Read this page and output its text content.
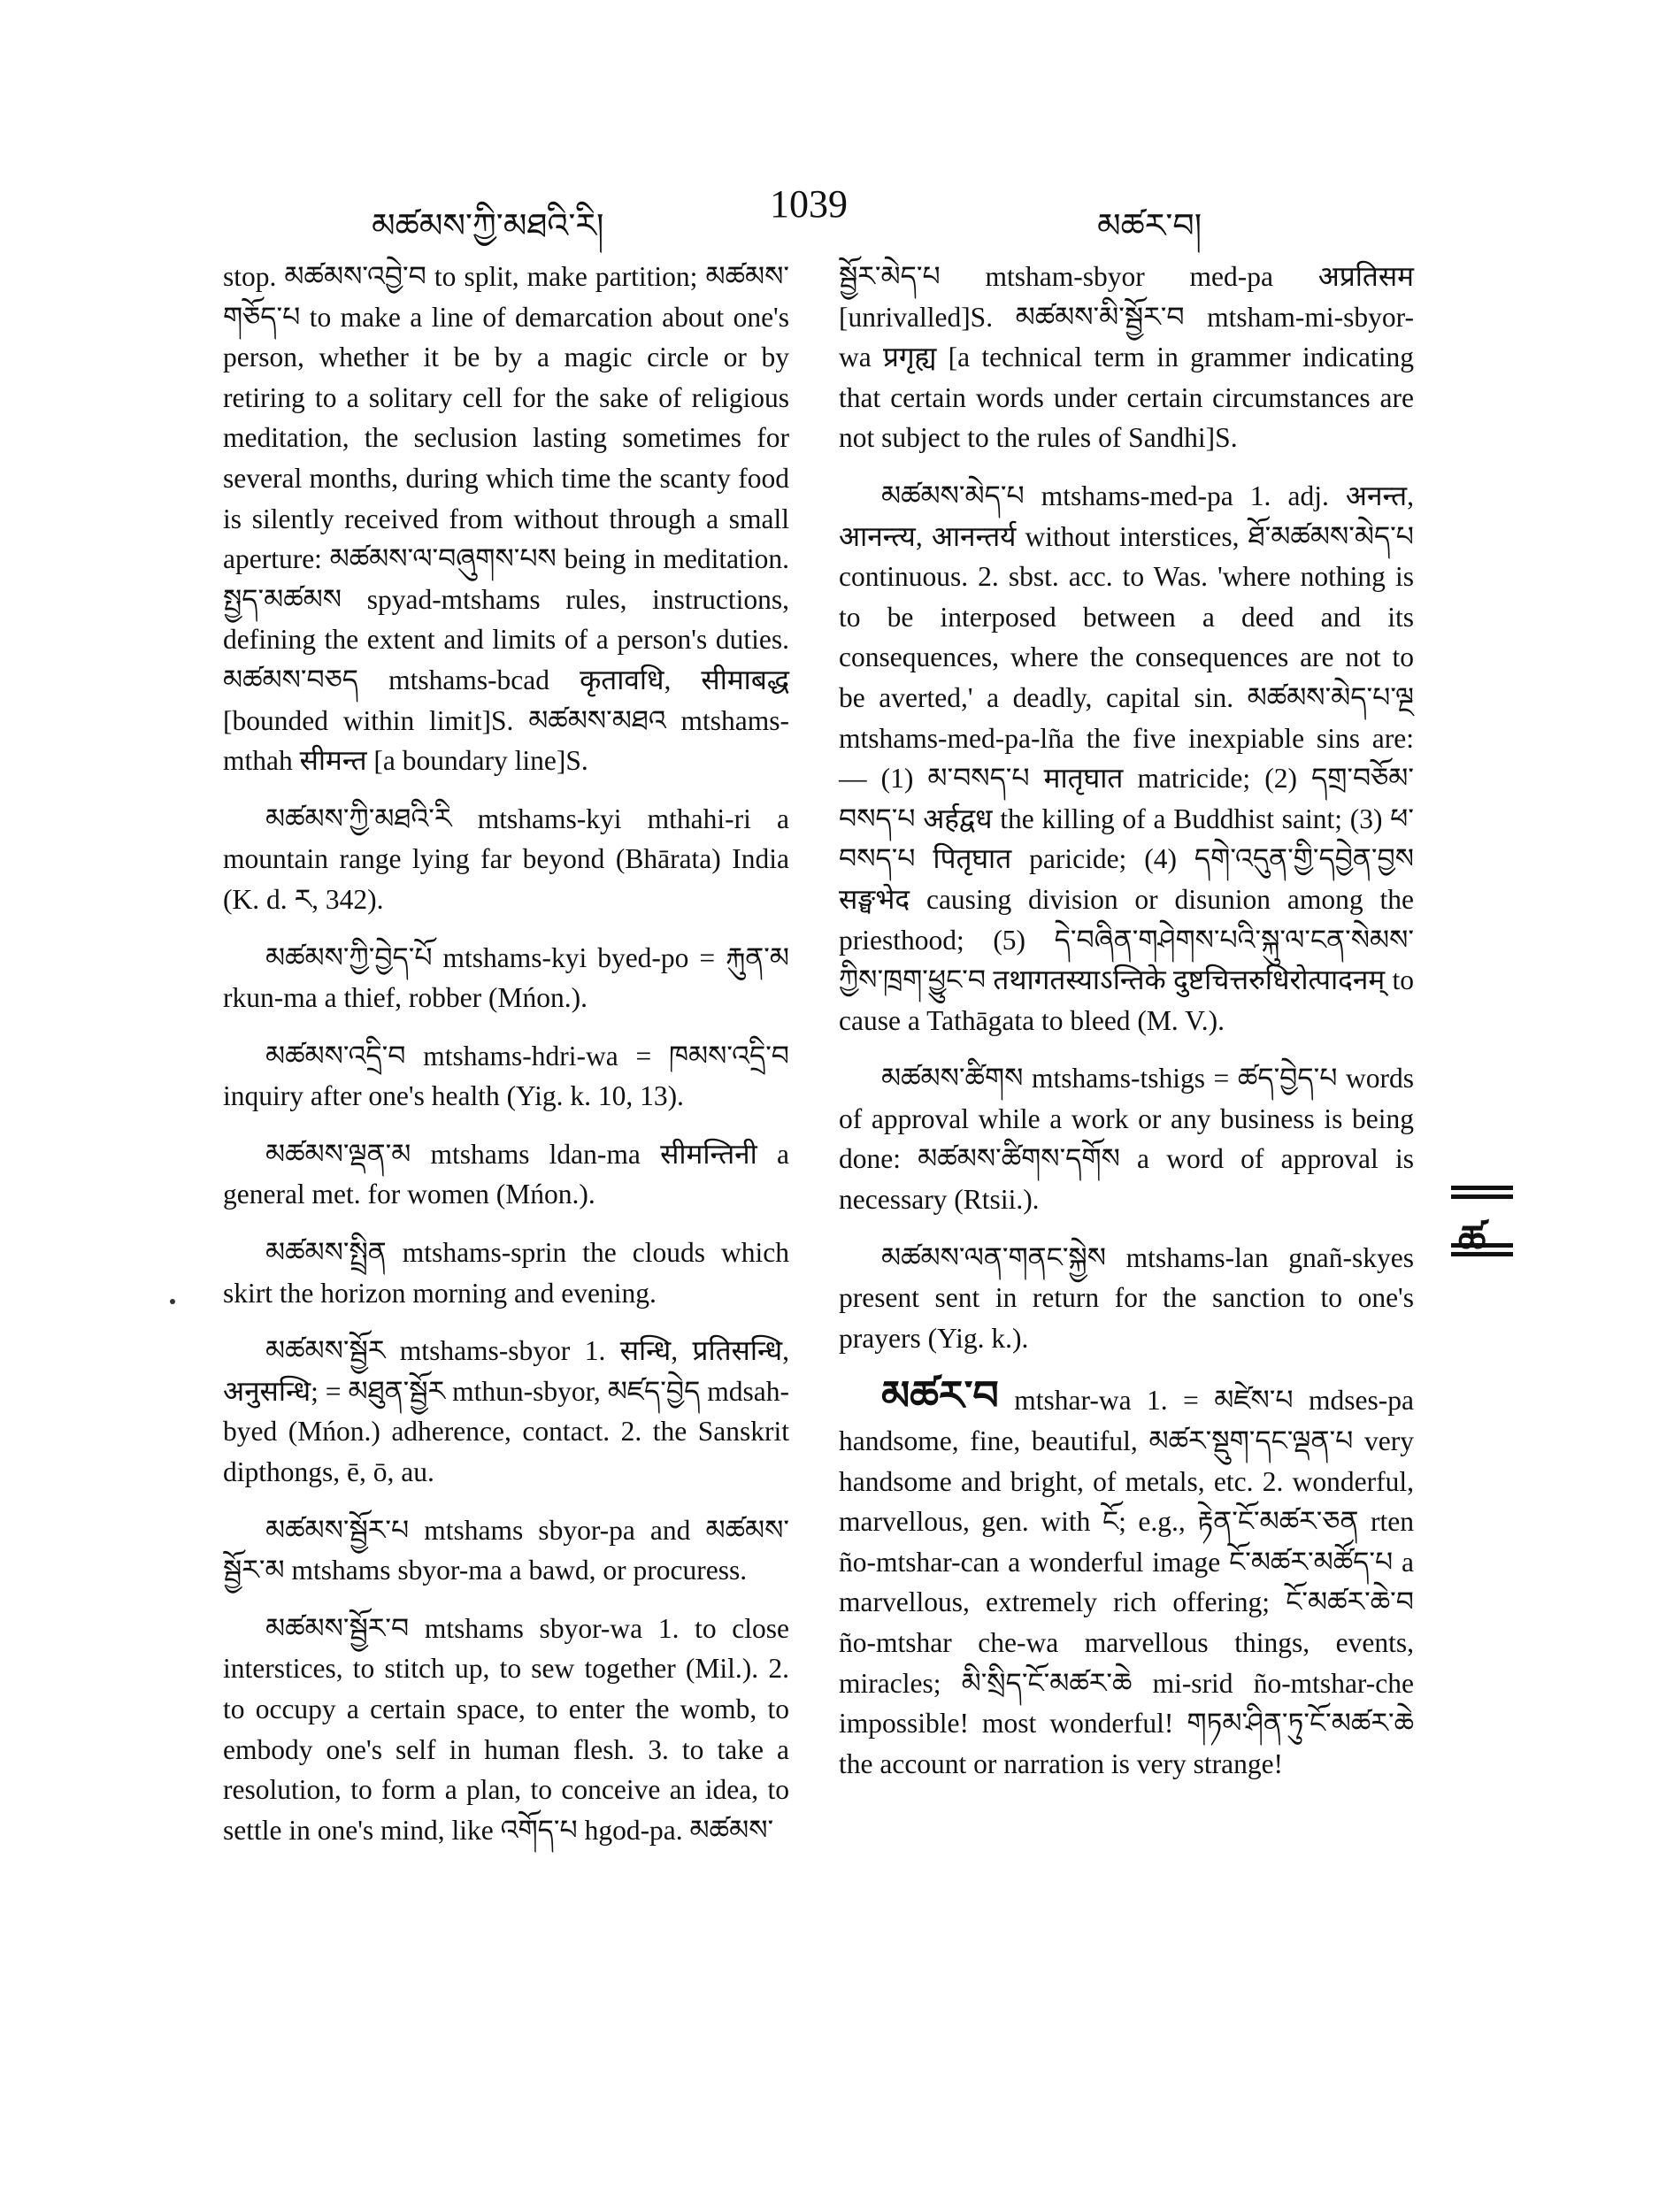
མཚམས་ཀྱི་མཐའི་རི།
1039
མཚར་བ།

stop. མཚམས་འབྱེ་བ to split, make partition; མཚམས་གཅོད་པ to make a line of demarcation about one's person, whether it be by a magic circle or by retiring to a solitary cell for the sake of religious meditation, the seclusion lasting sometimes for several months, during which time the scanty food is silently received from without through a small aperture: མཚམས་ལ་བཞུགས་པས being in meditation. སྤྱད་མཚམས spyad-mtshams rules, instructions, defining the extent and limits of a person's duties. མཚམས་བཅད mtshams-bcad कृतावधि, सीमाबद्ध [bounded within limit]S. མཚམས་མཐའ mtshams-mthah सीमन्त [a boundary line]S.

མཚམས་ཀྱི་མཐའི་རི mtshams-kyi mthahi-ri a mountain range lying far beyond (Bhārata) India (K. d. ར, 342).

མཚམས་ཀྱི་བྱེད་པོ mtshams-kyi byed-po = རྐུན་མ rkun-ma a thief, robber (Mńon.).

མཚམས་འདྲི་བ mtshams-hdri-wa = ཁམས་འདྲི་བ inquiry after one's health (Yig. k. 10, 13).

མཚམས་ལྡན་མ mtshams ldan-ma सीमन्तिनी a general met. for women (Mńon.).

མཚམས་སྤྲིན mtshams-sprin the clouds which skirt the horizon morning and evening.

མཚམས་སྦྱོར mtshams-sbyor 1. सन्धि, प्रतिसन्धि, अनुसन्धि; = མཐུན་སྦྱོར mthun-sbyor, མཛད་བྱེད mdsah-byed (Mńon.) adherence, contact. 2. the Sanskrit dipthongs, ē, ō, au.

མཚམས་སྦྱོར་པ mtshams sbyor-pa and མཚམས་སྦྱོར་མ mtshams sbyor-ma a bawd, or procuress.

མཚམས་སྦྱོར་བ mtshams sbyor-wa 1. to close interstices, to stitch up, to sew together (Mil.). 2. to occupy a certain space, to enter the womb, to embody one's self in human flesh. 3. to take a resolution, to form a plan, to conceive an idea, to settle in one's mind, like འགོད་པ hgod-pa. མཚམས་

སྦྱོར་མེད་པ mtsham-sbyor med-pa अप्रतिसम [unrivalled]S. མཚམས་མི་སྦྱོར་བ mtsham-mi-sbyor-wa प्रगृह्य [a technical term in grammer indicating that certain words under certain circumstances are not subject to the rules of Sandhi]S.

མཚམས་མེད་པ mtshams-med-pa 1. adj. अनन्त, आनन्त्य, आनन्तर्य without interstices, ཐོ་མཚམས་མེད་པ continuous. 2. sbst. acc. to Was. 'where nothing is to be interposed between a deed and its consequences, where the consequences are not to be averted,' a deadly, capital sin. མཚམས་མེད་པ་ལྔ mtshams-med-pa-lña the five inexpiable sins are:— (1) མ་བསད་པ मातृघात matricide; (2) དགྲ་བཅོམ་བསད་པ अर्हद्वध the killing of a Buddhist saint; (3) ཕ་བསད་པ पितृघात paricide; (4) དགེ་འདུན་གྱི་དབྱེན་བྱས सङ्घभेद causing division or disunion among the priesthood; (5) དེ་བཞིན་གཤེགས་པའི་སྐུ་ལ་ངན་སེམས་ཀྱིས་ཁྲག་ཕྱུང་བ तथागतस्याऽन्तिके दुष्टचित्तरुधिरोत्पादनम् to cause a Tathāgata to bleed (M. V.).

མཚམས་ཚིགས mtshams-tshigs = ཚད་བྱེད་པ words of approval while a work or any business is being done: མཚམས་ཚིགས་དགོས a word of approval is necessary (Rtsii.).

མཚམས་ལན་གནང་སྐྱེས mtshams-lan gnañ-skyes present sent in return for the sanction to one's prayers (Yig. k.).

མཚར་བ mtshar-wa 1. = མཛེས་པ mdses-pa handsome, fine, beautiful, མཚར་སྡུག་དང་ལྡན་པ very handsome and bright, of metals, etc. 2. wonderful, marvellous, gen. with ངོ; e.g., རྟེན་ངོ་མཚར་ཅན rten ño-mtshar-can a wonderful image ངོ་མཚར་མཚོད་པ a marvellous, extremely rich offering; ངོ་མཚར་ཆེ་བ ño-mtshar che-wa marvellous things, events, miracles; མི་སྲིད་ངོ་མཚར་ཆེ mi-srid ño-mtshar-che impossible! most wonderful! གཏམ་ཤིན་ཏུ་ངོ་མཚར་ཆེ the account or narration is very strange!

ཚ
